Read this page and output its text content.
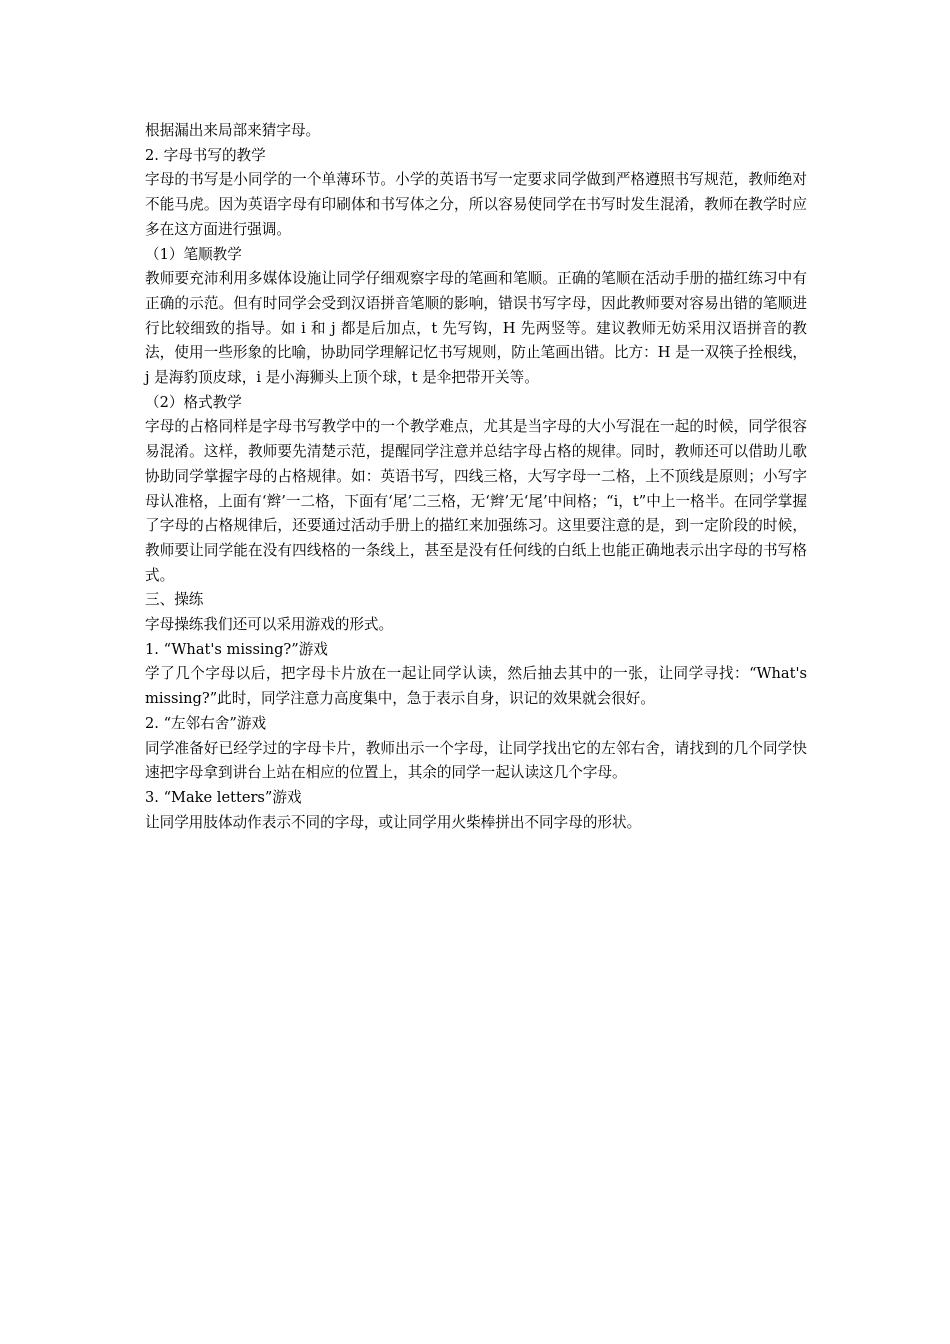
根据漏出来局部来猜字母。

2. 字母书写的教学

字母的书写是小同学的一个单薄环节。小学的英语书写一定要求同学做到严格遵照书写规范，教师绝对不能马虎。因为英语字母有印刷体和书写体之分，所以容易使同学在书写时发生混淆，教师在教学时应多在这方面进行强调。

（1）笔顺教学

教师要充沛利用多媒体设施让同学仔细观察字母的笔画和笔顺。正确的笔顺在活动手册的描红练习中有正确的示范。但有时同学会受到汉语拼音笔顺的影响，错误书写字母，因此教师要对容易出错的笔顺进行比较细致的指导。如 i 和 j 都是后加点，t 先写钩，H 先两竖等。建议教师无妨采用汉语拼音的教法，使用一些形象的比喻，协助同学理解记忆书写规则，防止笔画出错。比方：H 是一双筷子拴根线，j 是海豹顶皮球，i 是小海狮头上顶个球，t 是伞把带开关等。

（2）格式教学

字母的占格同样是字母书写教学中的一个教学难点，尤其是当字母的大小写混在一起的时候，同学很容易混淆。这样，教师要先清楚示范，提醒同学注意并总结字母占格的规律。同时，教师还可以借助儿歌协助同学掌握字母的占格规律。如：英语书写，四线三格，大写字母一二格，上不顶线是原则；小写字母认准格，上面有‘辫’一二格，下面有‘尾’二三格，无‘辫’无‘尾’中间格；“i，t”中上一格半。在同学掌握了字母的占格规律后，还要通过活动手册上的描红来加强练习。这里要注意的是，到一定阶段的时候，教师要让同学能在没有四线格的一条线上，甚至是没有任何线的白纸上也能正确地表示出字母的书写格式。

三、操练

字母操练我们还可以采用游戏的形式。

1. “What's missing?”游戏

学了几个字母以后，把字母卡片放在一起让同学认读，然后抽去其中的一张，让同学寻找：“What's missing?”此时，同学注意力高度集中，急于表示自身，识记的效果就会很好。

2. “左邻右舍”游戏

同学准备好已经学过的字母卡片，教师出示一个字母，让同学找出它的左邻右舍，请找到的几个同学快速把字母拿到讲台上站在相应的位置上，其余的同学一起认读这几个字母。

3. “Make letters”游戏

让同学用肢体动作表示不同的字母，或让同学用火柴棒拼出不同字母的形状。
